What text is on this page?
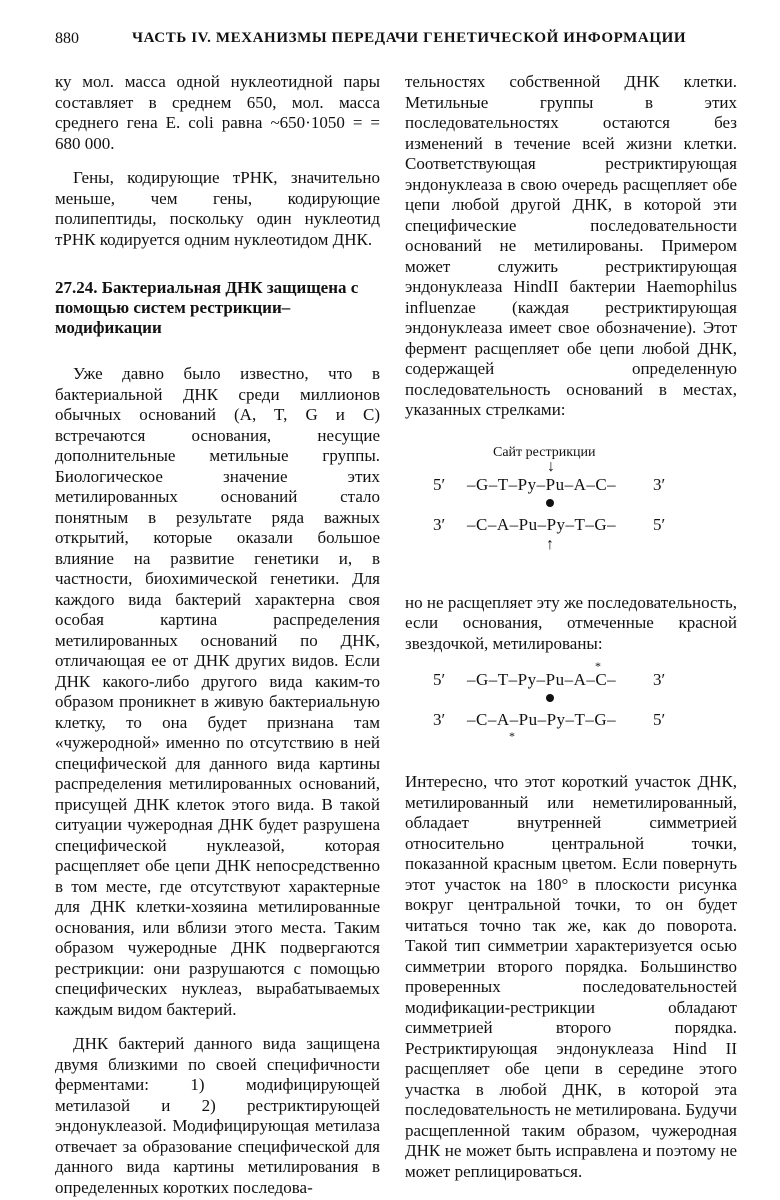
880	ЧАСТЬ IV. МЕХАНИЗМЫ ПЕРЕДАЧИ ГЕНЕТИЧЕСКОЙ ИНФОРМАЦИИ

ку мол. масса одной нуклеотидной пары составляет в среднем 650, мол. масса среднего гена E. coli равна ~650·1050 = = 680 000.

Гены, кодирующие тРНК, значительно меньше, чем гены, кодирующие полипептиды, поскольку один нуклеотид тРНК кодируется одним нуклеотидом ДНК.

27.24. Бактериальная ДНК защищена с помощью систем рестрикции–модификации

Уже давно было известно, что в бактериальной ДНК среди миллионов обычных оснований (A, T, G и C) встречаются основания, несущие дополнительные метильные группы. Биологическое значение этих метилированных оснований стало понятным в результате ряда важных открытий, которые оказали большое влияние на развитие генетики и, в частности, биохимической генетики. Для каждого вида бактерий характерна своя особая картина распределения метилированных оснований по ДНК, отличающая ее от ДНК других видов. Если ДНК какого-либо другого вида каким-то образом проникнет в живую бактериальную клетку, то она будет признана там «чужеродной» именно по отсутствию в ней специфической для данного вида картины распределения метилированных оснований, присущей ДНК клеток этого вида. В такой ситуации чужеродная ДНК будет разрушена специфической нуклеазой, которая расщепляет обе цепи ДНК непосредственно в том месте, где отсутствуют характерные для ДНК клетки-хозяина метилированные основания, или вблизи этого места. Таким образом чужеродные ДНК подвергаются рестрикции: они разрушаются с помощью специфических нуклеаз, вырабатываемых каждым видом бактерий.

ДНК бактерий данного вида защищена двумя близкими по своей специфичности ферментами: 1) модифицирующей метилазой и 2) рестриктирующей эндонуклеазой. Модифицирующая метилаза отвечает за образование специфической для данного вида картины метилирования в определенных коротких последова-

тельностях собственной ДНК клетки. Метильные группы в этих последовательностях остаются без изменений в течение всей жизни клетки. Соответствующая рестриктирующая эндонуклеаза в свою очередь расщепляет обе цепи любой другой ДНК, в которой эти специфические последовательности оснований не метилированы. Примером может служить рестриктирующая эндонуклеаза HindII бактерии Haemophilus influenzae (каждая рестриктирующая эндонуклеаза имеет свое обозначение). Этот фермент расщепляет обе цепи любой ДНК, содержащей определенную последовательность оснований в местах, указанных стрелками:

Сайт рестрикции
↓
5′ –G–T–Py–Pu–A–C– 3′
3′ –C–A–Pu–Py–T–G– 5′
↑

но не расщепляет эту же последовательность, если основания, отмеченные красной звездочкой, метилированы:

*
5′ –G–T–Py–Pu–A–C– 3′
3′ –C–A–Pu–Py–T–G– 5′
*

Интересно, что этот короткий участок ДНК, метилированный или неметилированный, обладает внутренней симметрией относительно центральной точки, показанной красным цветом. Если повернуть этот участок на 180° в плоскости рисунка вокруг центральной точки, то он будет читаться точно так же, как до поворота. Такой тип симметрии характеризуется осью симметрии второго порядка. Большинство проверенных последовательностей модификации-рестрикции обладают симметрией второго порядка. Рестриктирующая эндонуклеаза Hind II расщепляет обе цепи в середине этого участка в любой ДНК, в которой эта последовательность не метилирована. Будучи расщепленной таким образом, чужеродная ДНК не может быть исправлена и поэтому не может реплицироваться.
